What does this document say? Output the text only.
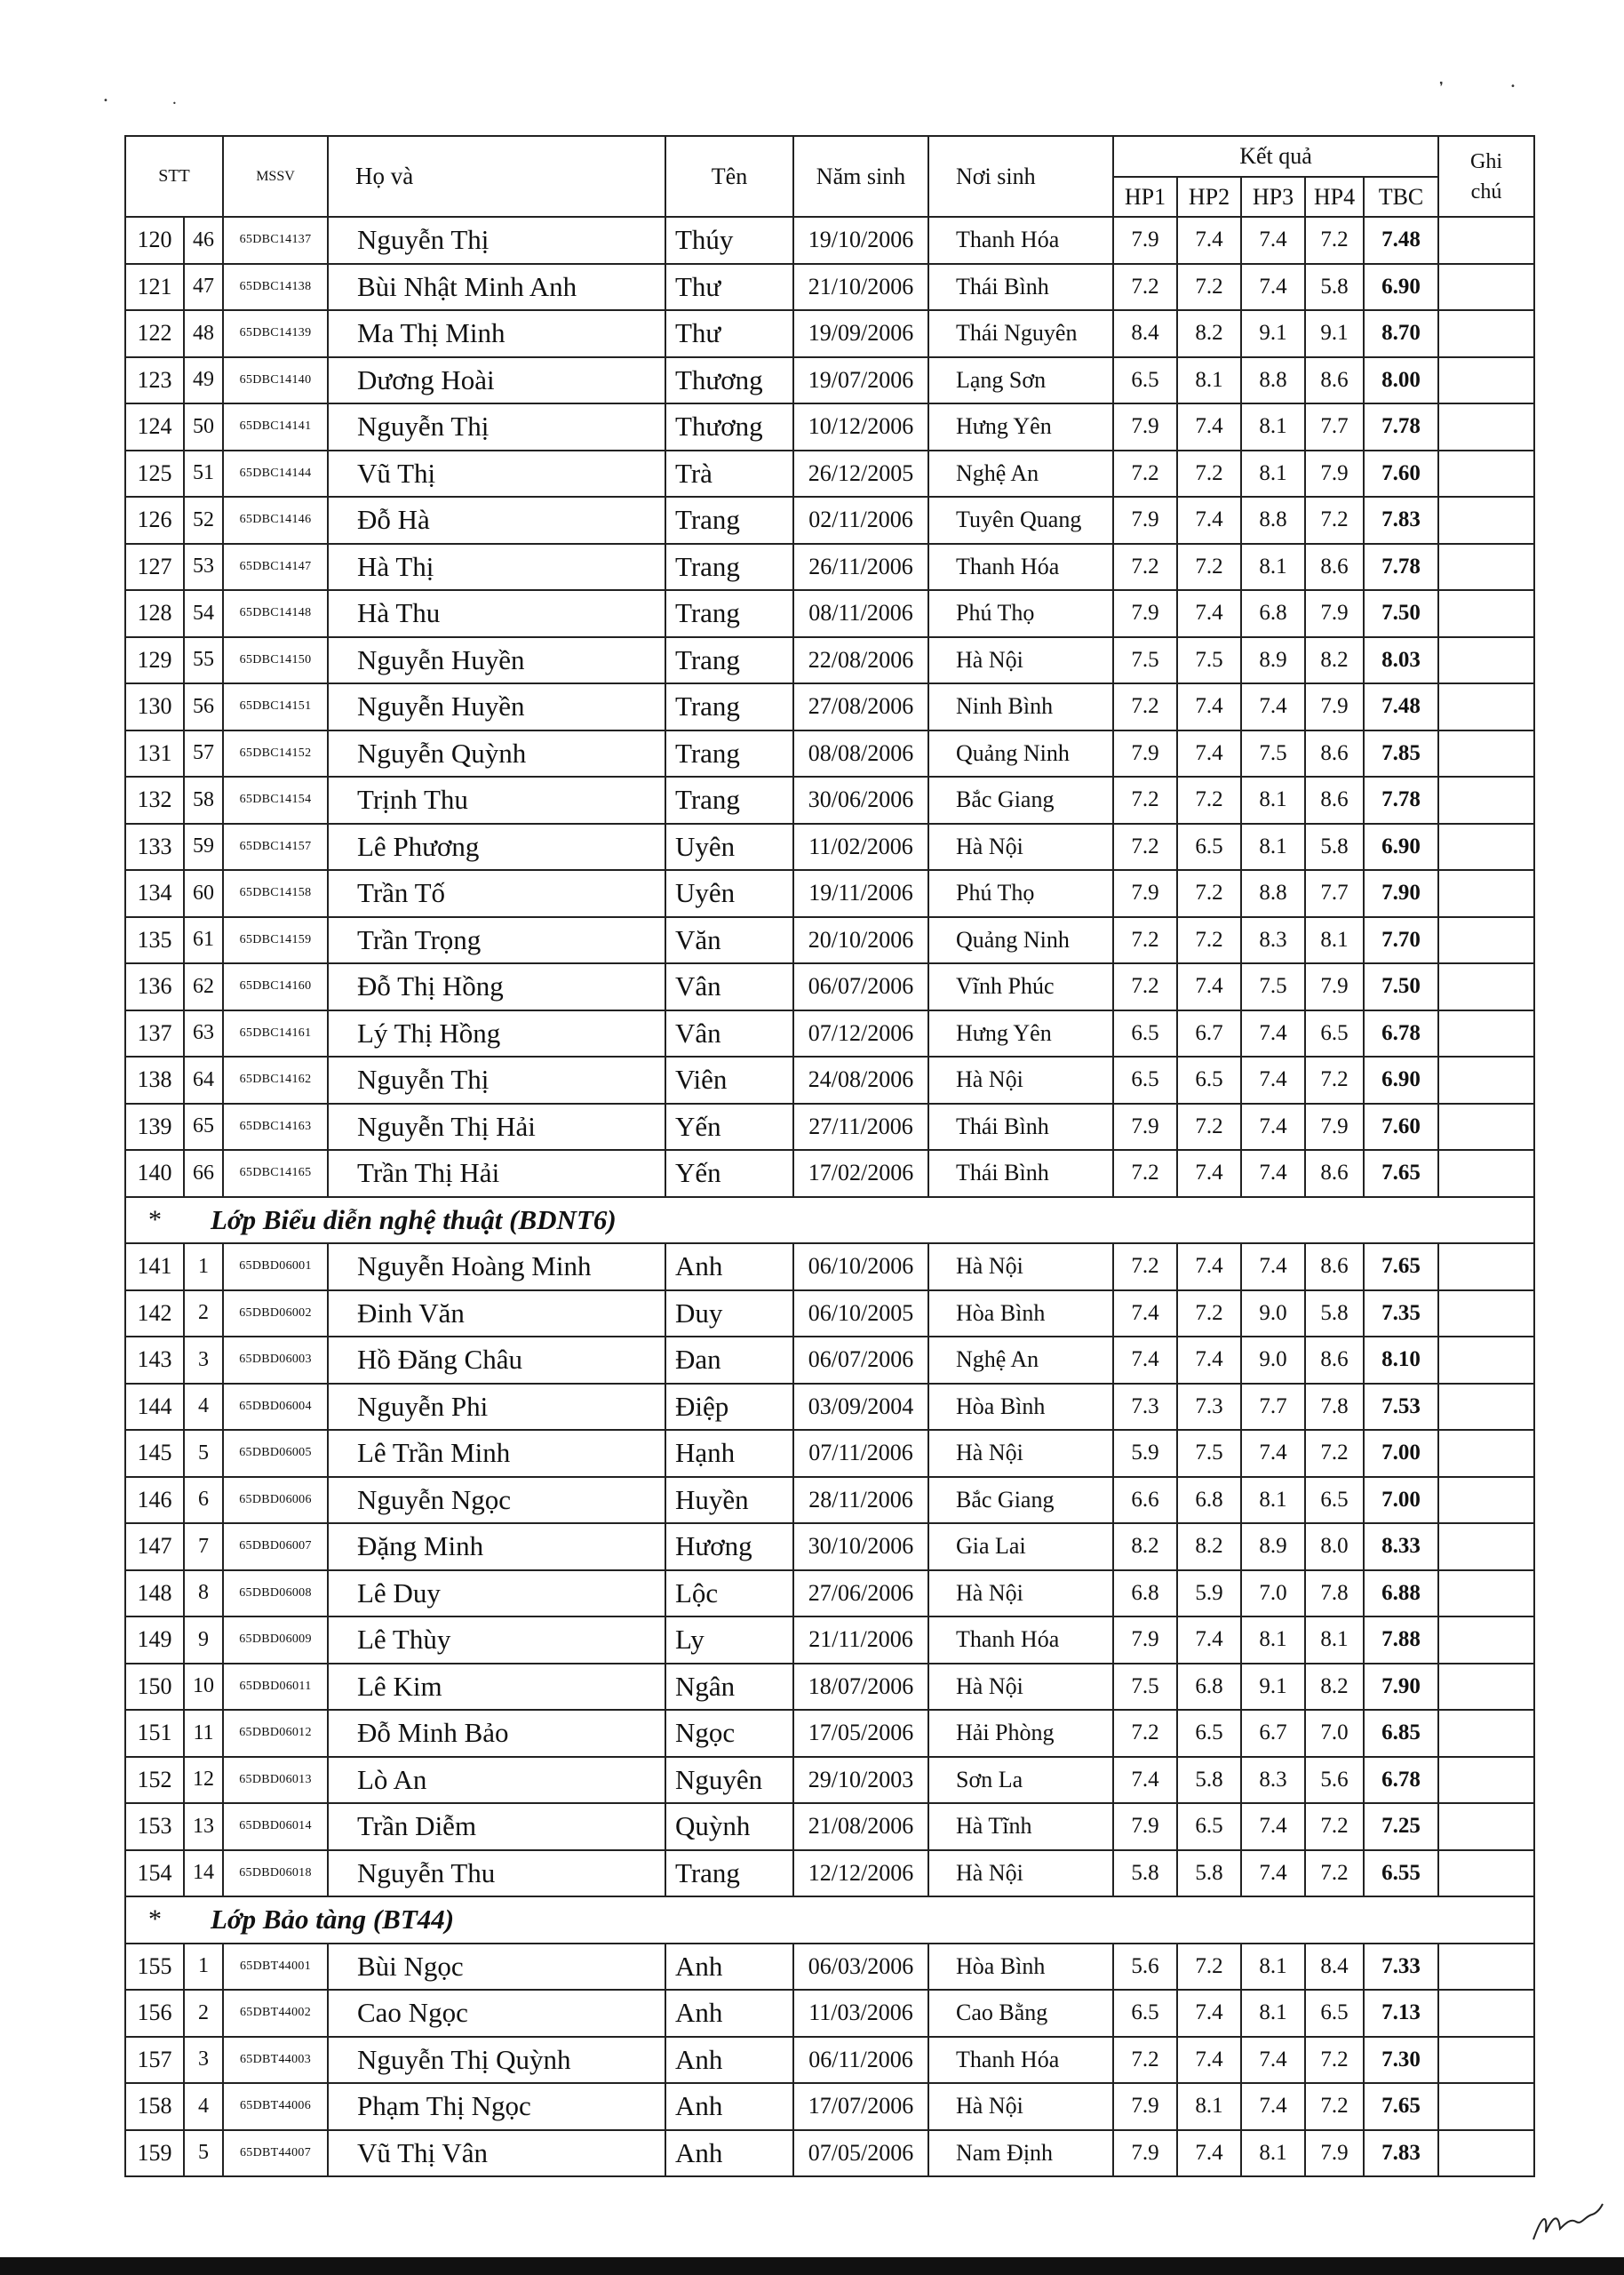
•	•
❜	•
STT		MSSV	Họ và	Tên	Năm sinh	Nơi sinh	Kết quả					Ghi chú
							HP1	HP2	HP3	HP4	TBC	
120	46	65DBC14137	Nguyễn Thị	Thúy	19/10/2006	Thanh Hóa	7.9	7.4	7.4	7.2	7.48	
121	47	65DBC14138	Bùi Nhật Minh Anh	Thư	21/10/2006	Thái Bình	7.2	7.2	7.4	5.8	6.90	
122	48	65DBC14139	Ma Thị Minh	Thư	19/09/2006	Thái Nguyên	8.4	8.2	9.1	9.1	8.70	
123	49	65DBC14140	Dương Hoài	Thương	19/07/2006	Lạng Sơn	6.5	8.1	8.8	8.6	8.00	
124	50	65DBC14141	Nguyễn Thị	Thương	10/12/2006	Hưng Yên	7.9	7.4	8.1	7.7	7.78	
125	51	65DBC14144	Vũ Thị	Trà	26/12/2005	Nghệ An	7.2	7.2	8.1	7.9	7.60	
126	52	65DBC14146	Đỗ Hà	Trang	02/11/2006	Tuyên Quang	7.9	7.4	8.8	7.2	7.83	
127	53	65DBC14147	Hà Thị	Trang	26/11/2006	Thanh Hóa	7.2	7.2	8.1	8.6	7.78	
128	54	65DBC14148	Hà Thu	Trang	08/11/2006	Phú Thọ	7.9	7.4	6.8	7.9	7.50	
129	55	65DBC14150	Nguyễn Huyền	Trang	22/08/2006	Hà Nội	7.5	7.5	8.9	8.2	8.03	
130	56	65DBC14151	Nguyễn Huyền	Trang	27/08/2006	Ninh Bình	7.2	7.4	7.4	7.9	7.48	
131	57	65DBC14152	Nguyễn Quỳnh	Trang	08/08/2006	Quảng Ninh	7.9	7.4	7.5	8.6	7.85	
132	58	65DBC14154	Trịnh Thu	Trang	30/06/2006	Bắc Giang	7.2	7.2	8.1	8.6	7.78	
133	59	65DBC14157	Lê Phương	Uyên	11/02/2006	Hà Nội	7.2	6.5	8.1	5.8	6.90	
134	60	65DBC14158	Trần Tố	Uyên	19/11/2006	Phú Thọ	7.9	7.2	8.8	7.7	7.90	
135	61	65DBC14159	Trần Trọng	Văn	20/10/2006	Quảng Ninh	7.2	7.2	8.3	8.1	7.70	
136	62	65DBC14160	Đỗ Thị Hồng	Vân	06/07/2006	Vĩnh Phúc	7.2	7.4	7.5	7.9	7.50	
137	63	65DBC14161	Lý Thị Hồng	Vân	07/12/2006	Hưng Yên	6.5	6.7	7.4	6.5	6.78	
138	64	65DBC14162	Nguyễn Thị	Viên	24/08/2006	Hà Nội	6.5	6.5	7.4	7.2	6.90	
139	65	65DBC14163	Nguyễn Thị Hải	Yến	27/11/2006	Thái Bình	7.9	7.2	7.4	7.9	7.60	
140	66	65DBC14165	Trần Thị Hải	Yến	17/02/2006	Thái Bình	7.2	7.4	7.4	8.6	7.65	
*	Lớp Biểu diễn nghệ thuật (BDNT6)											
141	1	65DBD06001	Nguyễn Hoàng Minh	Anh	06/10/2006	Hà Nội	7.2	7.4	7.4	8.6	7.65	
142	2	65DBD06002	Đinh Văn	Duy	06/10/2005	Hòa Bình	7.4	7.2	9.0	5.8	7.35	
143	3	65DBD06003	Hồ Đăng Châu	Đan	06/07/2006	Nghệ An	7.4	7.4	9.0	8.6	8.10	
144	4	65DBD06004	Nguyễn Phi	Điệp	03/09/2004	Hòa Bình	7.3	7.3	7.7	7.8	7.53	
145	5	65DBD06005	Lê Trần Minh	Hạnh	07/11/2006	Hà Nội	5.9	7.5	7.4	7.2	7.00	
146	6	65DBD06006	Nguyễn Ngọc	Huyền	28/11/2006	Bắc Giang	6.6	6.8	8.1	6.5	7.00	
147	7	65DBD06007	Đặng Minh	Hương	30/10/2006	Gia Lai	8.2	8.2	8.9	8.0	8.33	
148	8	65DBD06008	Lê Duy	Lộc	27/06/2006	Hà Nội	6.8	5.9	7.0	7.8	6.88	
149	9	65DBD06009	Lê Thùy	Ly	21/11/2006	Thanh Hóa	7.9	7.4	8.1	8.1	7.88	
150	10	65DBD06011	Lê Kim	Ngân	18/07/2006	Hà Nội	7.5	6.8	9.1	8.2	7.90	
151	11	65DBD06012	Đỗ Minh Bảo	Ngọc	17/05/2006	Hải Phòng	7.2	6.5	6.7	7.0	6.85	
152	12	65DBD06013	Lò An	Nguyên	29/10/2003	Sơn La	7.4	5.8	8.3	5.6	6.78	
153	13	65DBD06014	Trần Diễm	Quỳnh	21/08/2006	Hà Tĩnh	7.9	6.5	7.4	7.2	7.25	
154	14	65DBD06018	Nguyễn Thu	Trang	12/12/2006	Hà Nội	5.8	5.8	7.4	7.2	6.55	
*	Lớp Bảo tàng (BT44)											
155	1	65DBT44001	Bùi Ngọc	Anh	06/03/2006	Hòa Bình	5.6	7.2	8.1	8.4	7.33	
156	2	65DBT44002	Cao Ngọc	Anh	11/03/2006	Cao Bằng	6.5	7.4	8.1	6.5	7.13	
157	3	65DBT44003	Nguyễn Thị Quỳnh	Anh	06/11/2006	Thanh Hóa	7.2	7.4	7.4	7.2	7.30	
158	4	65DBT44006	Phạm Thị Ngọc	Anh	17/07/2006	Hà Nội	7.9	8.1	7.4	7.2	7.65	
159	5	65DBT44007	Vũ Thị Vân	Anh	07/05/2006	Nam Định	7.9	7.4	8.1	7.9	7.83	
